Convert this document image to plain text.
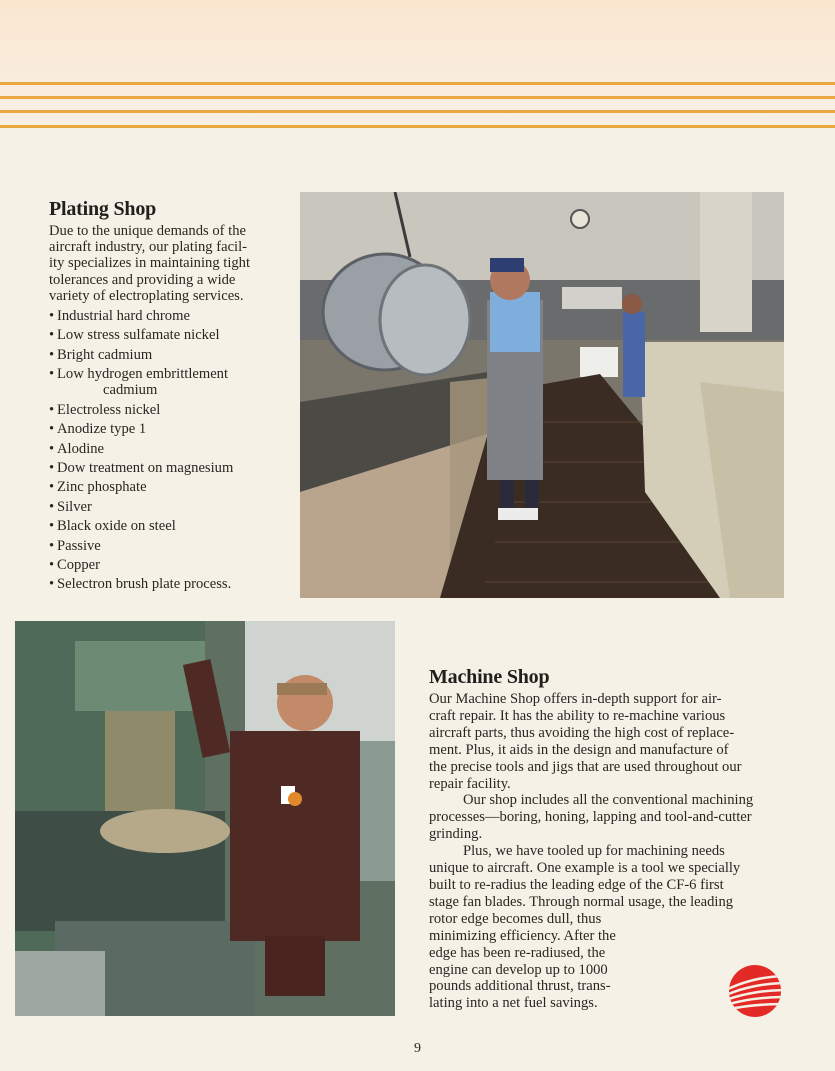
Plating Shop

Due to the unique demands of the
aircraft industry, our plating facil-
ity specializes in maintaining tight
tolerances and providing a wide
variety of electroplating services.

• Industrial hard chrome
• Low stress sulfamate nickel
• Bright cadmium
• Low hydrogen embrittlement
cadmium
• Electroless nickel
• Anodize type 1
• Alodine
• Dow treatment on magnesium
• Zinc phosphate
• Silver
• Black oxide on steel
• Passive
• Copper
• Selectron brush plate process.
Machine Shop

Our Machine Shop offers in-depth support for air-
craft repair. It has the ability to re-machine various
aircraft parts, thus avoiding the high cost of replace-
ment. Plus, it aids in the design and manufacture of
the precise tools and jigs that are used throughout our
repair facility.

Our shop includes all the conventional machining
processes—boring, honing, lapping and tool-and-cutter
grinding.

Plus, we have tooled up for machining needs
unique to aircraft. One example is a tool we specially
built to re-radius the leading edge of the CF-6 first
stage fan blades. Through normal usage, the leading
rotor edge becomes dull, thus
minimizing efficiency. After the
edge has been re-radiused, the
engine can develop up to 1000
pounds additional thrust, trans-
lating into a net fuel savings.

9
